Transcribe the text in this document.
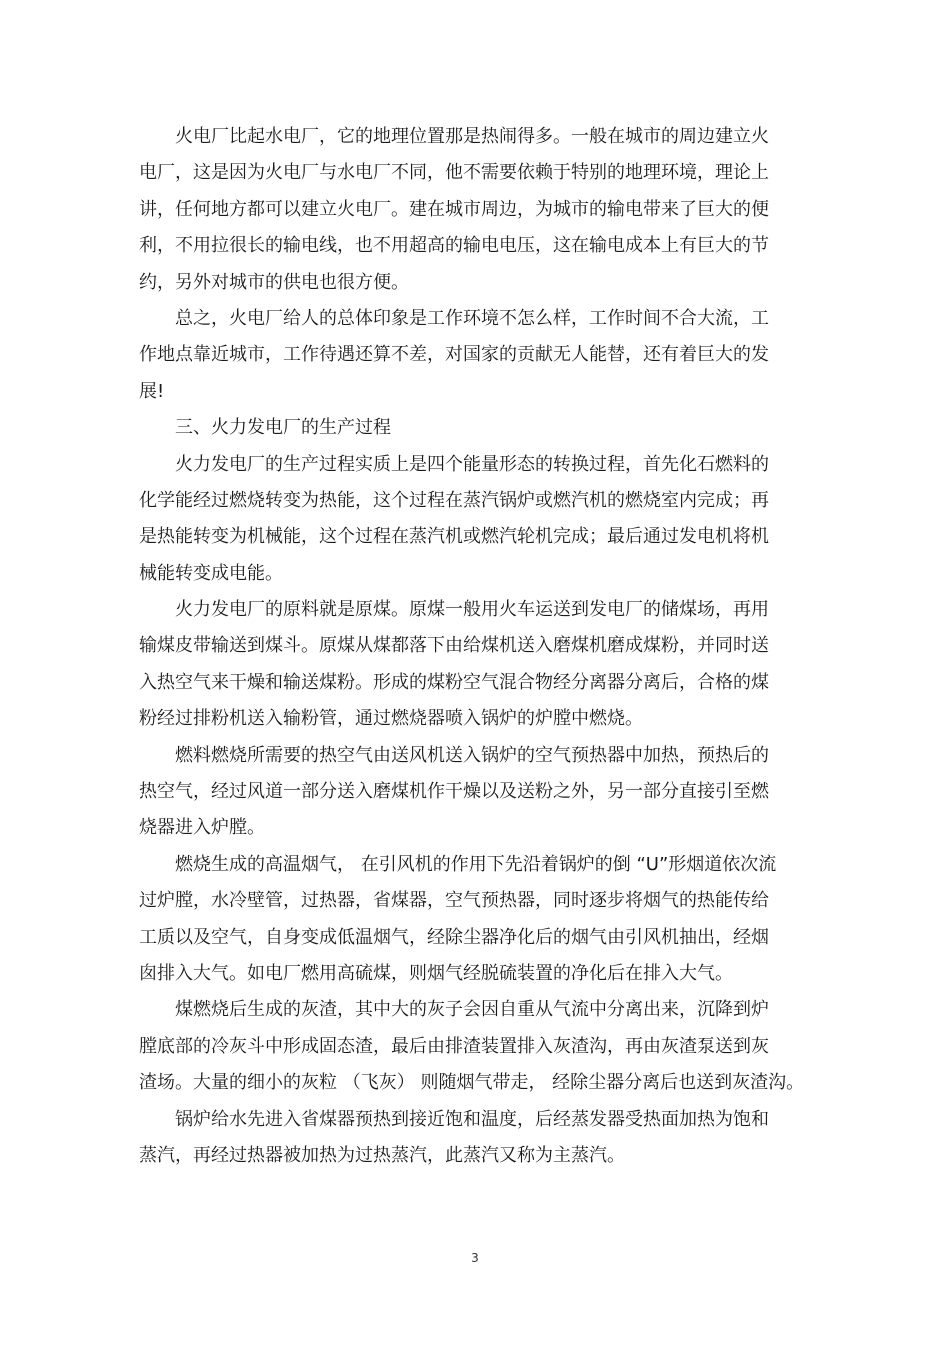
火电厂比起水电厂，它的地理位置那是热闹得多。一般在城市的周边建立火
电厂，这是因为火电厂与水电厂不同，他不需要依赖于特别的地理环境，理论上
讲，任何地方都可以建立火电厂。建在城市周边，为城市的输电带来了巨大的便
利，不用拉很长的输电线，也不用超高的输电电压，这在输电成本上有巨大的节
约，另外对城市的供电也很方便。
总之，火电厂给人的总体印象是工作环境不怎么样，工作时间不合大流，工
作地点靠近城市，工作待遇还算不差，对国家的贡献无人能替，还有着巨大的发
展!
三、火力发电厂的生产过程
火力发电厂的生产过程实质上是四个能量形态的转换过程，首先化石燃料的
化学能经过燃烧转变为热能，这个过程在蒸汽锅炉或燃汽机的燃烧室内完成；再
是热能转变为机械能，这个过程在蒸汽机或燃汽轮机完成；最后通过发电机将机
械能转变成电能。
火力发电厂的原料就是原煤。原煤一般用火车运送到发电厂的储煤场，再用
输煤皮带输送到煤斗。原煤从煤都落下由给煤机送入磨煤机磨成煤粉，并同时送
入热空气来干燥和输送煤粉。形成的煤粉空气混合物经分离器分离后，合格的煤
粉经过排粉机送入输粉管，通过燃烧器喷入锅炉的炉膛中燃烧。
燃料燃烧所需要的热空气由送风机送入锅炉的空气预热器中加热，预热后的
热空气，经过风道一部分送入磨煤机作干燥以及送粉之外，另一部分直接引至燃
烧器进入炉膛。
燃烧生成的高温烟气， 在引风机的作用下先沿着锅炉的倒 “U”形烟道依次流
过炉膛，水冷壁管，过热器，省煤器，空气预热器，同时逐步将烟气的热能传给
工质以及空气，自身变成低温烟气，经除尘器净化后的烟气由引风机抽出，经烟
囱排入大气。如电厂燃用高硫煤，则烟气经脱硫装置的净化后在排入大气。
煤燃烧后生成的灰渣，其中大的灰子会因自重从气流中分离出来，沉降到炉
膛底部的冷灰斗中形成固态渣，最后由排渣装置排入灰渣沟，再由灰渣泵送到灰
渣场。大量的细小的灰粒 （飞灰） 则随烟气带走， 经除尘器分离后也送到灰渣沟。
锅炉给水先进入省煤器预热到接近饱和温度，后经蒸发器受热面加热为饱和
蒸汽，再经过热器被加热为过热蒸汽，此蒸汽又称为主蒸汽。
3
